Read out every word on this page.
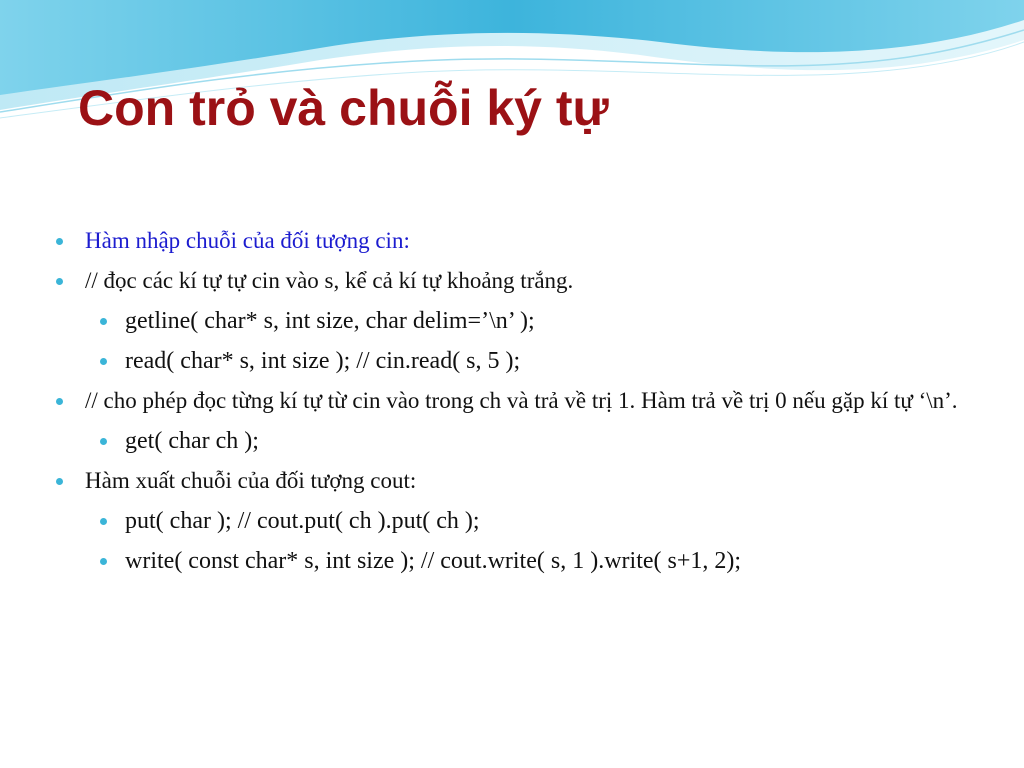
Con trỏ và chuỗi ký tự
Hàm nhập chuỗi của đối tượng cin:
// đọc các kí tự tự cin vào s, kể cả kí tự khoảng trắng.
getline( char* s, int size, char delim=’\n’ );
read( char* s, int size ); // cin.read( s, 5 );
// cho phép đọc từng kí tự từ cin vào trong ch và trả về trị 1. Hàm trả về trị 0 nếu gặp kí tự ‘\n’.
get( char ch );
Hàm xuất chuỗi của đối tượng cout:
put( char ); // cout.put( ch ).put( ch );
write( const char* s, int size ); // cout.write( s, 1 ).write( s+1, 2);
